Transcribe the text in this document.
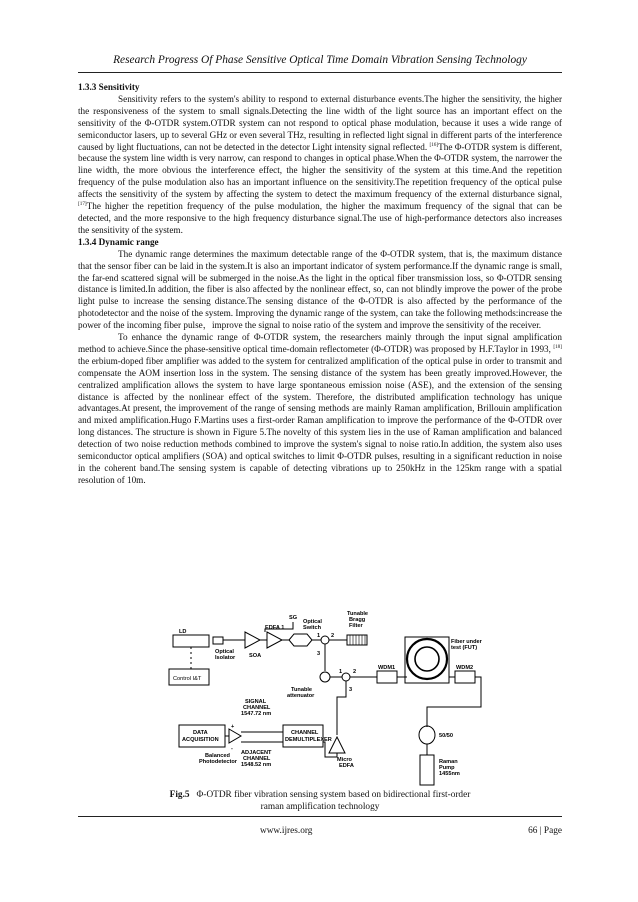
Research Progress Of Phase Sensitive Optical Time Domain Vibration Sensing Technology

1.3.3 Sensitivity

Sensitivity refers to the system's ability to respond to external disturbance events.The higher the sensitivity, the higher the responsiveness of the system to small signals.Detecting the line width of the light source has an important effect on the sensitivity of the Φ-OTDR system.OTDR system can not respond to optical phase modulation, because it uses a wide range of semiconductor lasers, up to several GHz or even several THz, resulting in reflected light signal in different parts of the interference caused by light fluctuations, can not be detected in the detector Light intensity signal reflected. [16]The Φ-OTDR system is different, because the system line width is very narrow, can respond to changes in optical phase.When the Φ-OTDR system, the narrower the line width, the more obvious the interference effect, the higher the sensitivity of the system at this time.And the repetition frequency of the pulse modulation also has an important influence on the sensitivity.The repetition frequency of the optical pulse affects the sensitivity of the system by affecting the system to detect the maximum frequency of the external disturbance signal, [17]The higher the repetition frequency of the pulse modulation, the higher the maximum frequency of the signal that can be detected, and the more responsive to the high frequency disturbance signal.The use of high-performance detectors also increases the sensitivity of the system.

1.3.4 Dynamic range

The dynamic range determines the maximum detectable range of the Φ-OTDR system, that is, the maximum distance that the sensor fiber can be laid in the system.It is also an important indicator of system performance.If the dynamic range is small, the far-end scattered signal will be submerged in the noise.As the light in the optical fiber transmission loss, so Φ-OTDR sensing distance is limited.In addition, the fiber is also affected by the nonlinear effect, so, can not blindly improve the power of the probe light pulse to increase the sensing distance.The sensing distance of the Φ-OTDR is also affected by the performance of the photodetector and the noise of the system. Improving the dynamic range of the system, can take the following methods:increase the power of the incoming fiber pulse，improve the signal to noise ratio of the system and improve the sensitivity of the receiver.

To enhance the dynamic range of Φ-OTDR system, the researchers mainly through the input signal amplification method to achieve.Since the phase-sensitive optical time-domain reflectometer (Φ-OTDR) was proposed by H.F.Taylor in 1993, [18] the erbium-doped fiber amplifier was added to the system for centralized amplification of the optical pulse in order to transmit and compensate the AOM insertion loss in the system. The sensing distance of the system has been greatly improved.However, the centralized amplification allows the system to have large spontaneous emission noise (ASE), and the extension of the sensing distance is affected by the nonlinear effect of the system. Therefore, the distributed amplification technology has unique advantages.At present, the improvement of the range of sensing methods are mainly Raman amplification, Brillouin amplification and mixed amplification.Hugo F.Martins uses a first-order Raman amplification to improve the performance of the Φ-OTDR over long distances. The structure is shown in Figure 5.The novelty of this system lies in the use of Raman amplification and balanced detection of two noise reduction methods combined to improve the system's signal to noise ratio.In addition, the system also uses semiconductor optical amplifiers (SOA) and optical switches to limit Φ-OTDR pulses, resulting in a significant reduction in noise in the coherent band.The sensing system is capable of detecting vibrations up to 250kHz in the 125km range with a spatial resolution of 10m.

SG
LD
Optical
Isolator
Control I&T
EDFA 1
SOA
Optical
Switch
Tunable
Bragg
Filter
1 2
3
1 2
3
Tunable
attenuator
WDM1	WDM2
Fiber under
test (FUT)
SIGNAL
CHANNEL
1547.72 nm
DATA
ACQUISITION
+
-
Balanced
Photodetector
ADJACENT
CHANNEL
1548.52 nm
CHANNEL
DEMULTIPLEXER
Micro
EDFA
50/50
Raman
Pump
1455nm
Fig.5 Φ-OTDR fiber vibration sensing system based on bidirectional first-order
raman amplification technology
www.ijres.org	66 | Page
